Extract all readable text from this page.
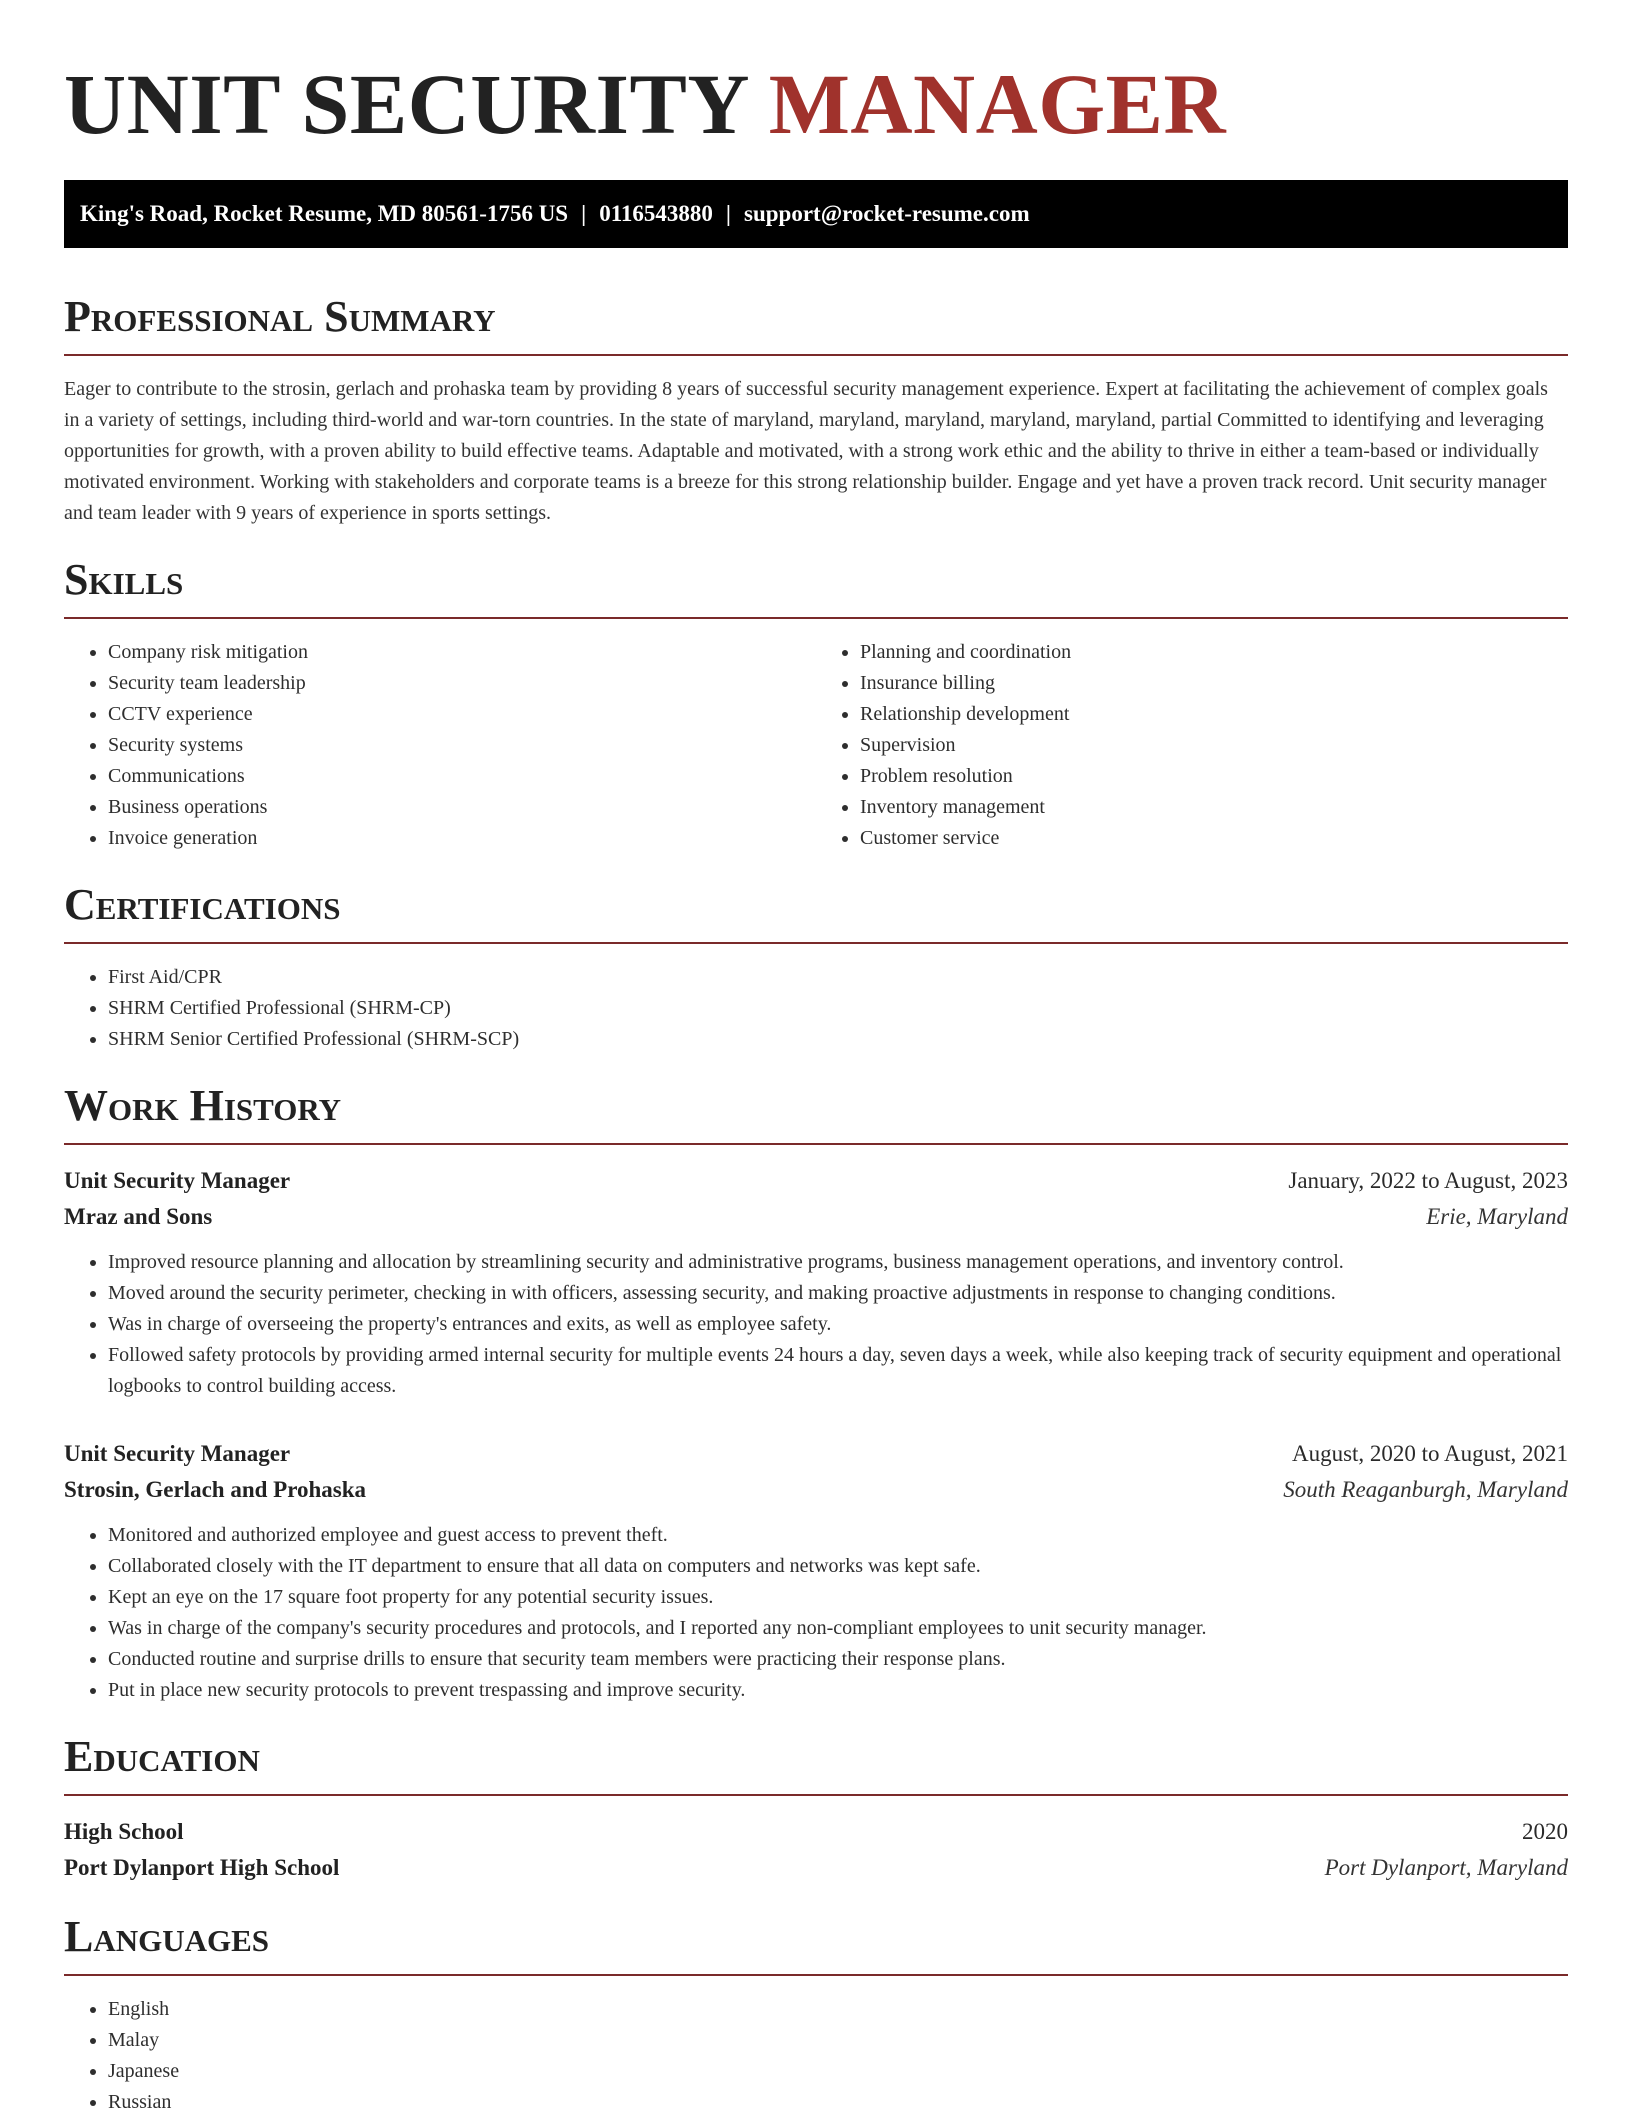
UNIT SECURITY MANAGER
King's Road, Rocket Resume, MD 80561-1756 US | 0116543880 | support@rocket-resume.com
Professional Summary

Eager to contribute to the strosin, gerlach and prohaska team by providing 8 years of successful security management experience. Expert at facilitating the achievement of complex goals in a variety of settings, including third-world and war-torn countries. In the state of maryland, maryland, maryland, maryland, maryland, partial Committed to identifying and leveraging opportunities for growth, with a proven ability to build effective teams. Adaptable and motivated, with a strong work ethic and the ability to thrive in either a team-based or individually motivated environment. Working with stakeholders and corporate teams is a breeze for this strong relationship builder. Engage and yet have a proven track record. Unit security manager and team leader with 9 years of experience in sports settings.

Skills
• Company risk mitigation
• Security team leadership
• CCTV experience
• Security systems
• Communications
• Business operations
• Invoice generation
• Planning and coordination
• Insurance billing
• Relationship development
• Supervision
• Problem resolution
• Inventory management
• Customer service
Certifications
• First Aid/CPR
• SHRM Certified Professional (SHRM-CP)
• SHRM Senior Certified Professional (SHRM-SCP)
Work History
Unit Security Manager	January, 2022 to August, 2023
Mraz and Sons	Erie, Maryland
• Improved resource planning and allocation by streamlining security and administrative programs, business management operations, and inventory control.
• Moved around the security perimeter, checking in with officers, assessing security, and making proactive adjustments in response to changing conditions.
• Was in charge of overseeing the property's entrances and exits, as well as employee safety.
• Followed safety protocols by providing armed internal security for multiple events 24 hours a day, seven days a week, while also keeping track of security equipment and operational logbooks to control building access.
Unit Security Manager	August, 2020 to August, 2021
Strosin, Gerlach and Prohaska	South Reaganburgh, Maryland
• Monitored and authorized employee and guest access to prevent theft.
• Collaborated closely with the IT department to ensure that all data on computers and networks was kept safe.
• Kept an eye on the 17 square foot property for any potential security issues.
• Was in charge of the company's security procedures and protocols, and I reported any non-compliant employees to unit security manager.
• Conducted routine and surprise drills to ensure that security team members were practicing their response plans.
• Put in place new security protocols to prevent trespassing and improve security.
Education
High School	2020
Port Dylanport High School	Port Dylanport, Maryland
Languages
• English
• Malay
• Japanese
• Russian
